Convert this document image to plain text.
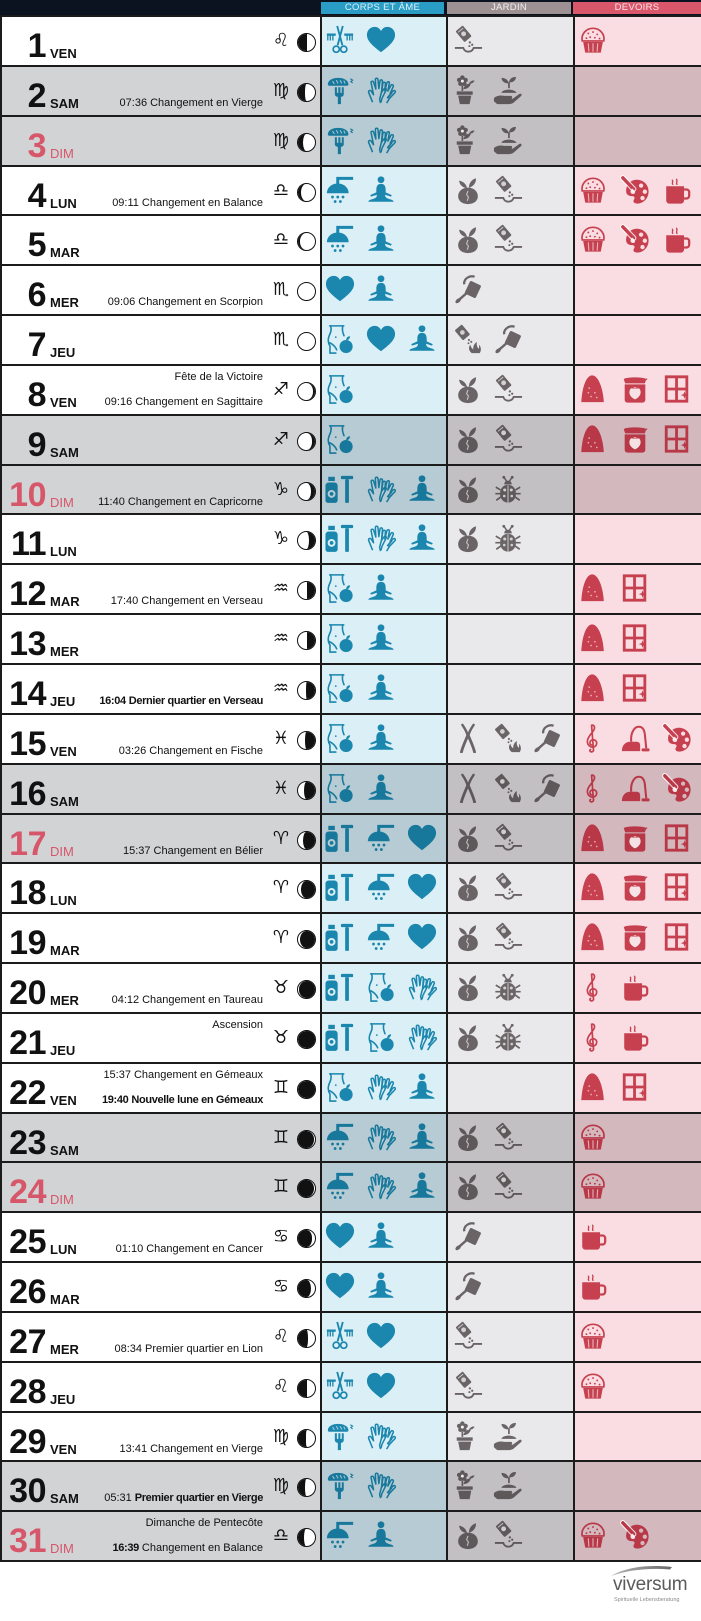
CORPS ET ÂME	JARDIN	DEVOIRS
1 VEN
♌
2 SAM	07:36 Changement en Vierge
♍
3 DIM
♍
4 LUN	09:11 Changement en Balance
♎
5 MAR
♎
6 MER	09:06 Changement en Scorpion
♏
7 JEU
♏
8 VEN
Fête de la Victoire
09:16 Changement en Sagittaire
♐
9 SAM
♐
10 DIM 11:40 Changement en Capricorne
♑
11 LUN
♑
12 MAR	17:40 Changement en Verseau
♒
13 MER
♒
14 JEU 16:04 Dernier quartier en Verseau
♒
15 VEN	03:26 Changement en Fische
♓
16 SAM
♓
17 DIM	15:37 Changement en Bélier
♈
18 LUN
♈
19 MAR
♈
20 MER	04:12 Changement en Taureau
♉
21 JEU
Ascension
♉
22 VEN
15:37 Changement en Gémeaux
19:40 Nouvelle lune en Gémeaux
♊
23 SAM
♊
24 DIM
♊
25 LUN	01:10 Changement en Cancer
♋
26 MAR
♋
27 MER	08:34 Premier quartier en Lion
♌
28 JEU
♌
29 VEN	13:41 Changement en Vierge
♍
30 SAM 05:31 Premier quartier en Vierge
♍
31 DIM
Dimanche de Pentecôte
16:39 Changement en Balance
♎
viversum
Spirituelle Lebensberatung
